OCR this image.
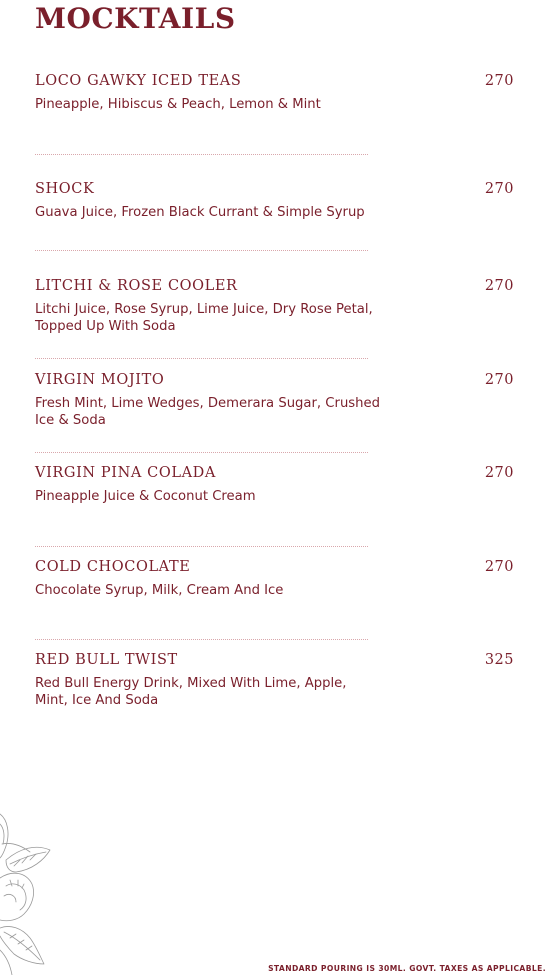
MOCKTAILS
LOCO GAWKY ICED TEAS	270
Pineapple, Hibiscus & Peach, Lemon & Mint
SHOCK	270
Guava Juice, Frozen Black Currant & Simple Syrup
LITCHI & ROSE COOLER	270
Litchi Juice, Rose Syrup, Lime Juice, Dry Rose Petal, Topped Up With Soda
VIRGIN MOJITO	270
Fresh Mint, Lime Wedges, Demerara Sugar, Crushed Ice & Soda
VIRGIN PINA COLADA	270
Pineapple Juice & Coconut Cream
COLD CHOCOLATE	270
Chocolate Syrup, Milk, Cream And Ice
RED BULL TWIST	325
Red Bull Energy Drink, Mixed With Lime, Apple, Mint, Ice And Soda
STANDARD POURING IS 30ML. GOVT. TAXES AS APPLICABLE.
